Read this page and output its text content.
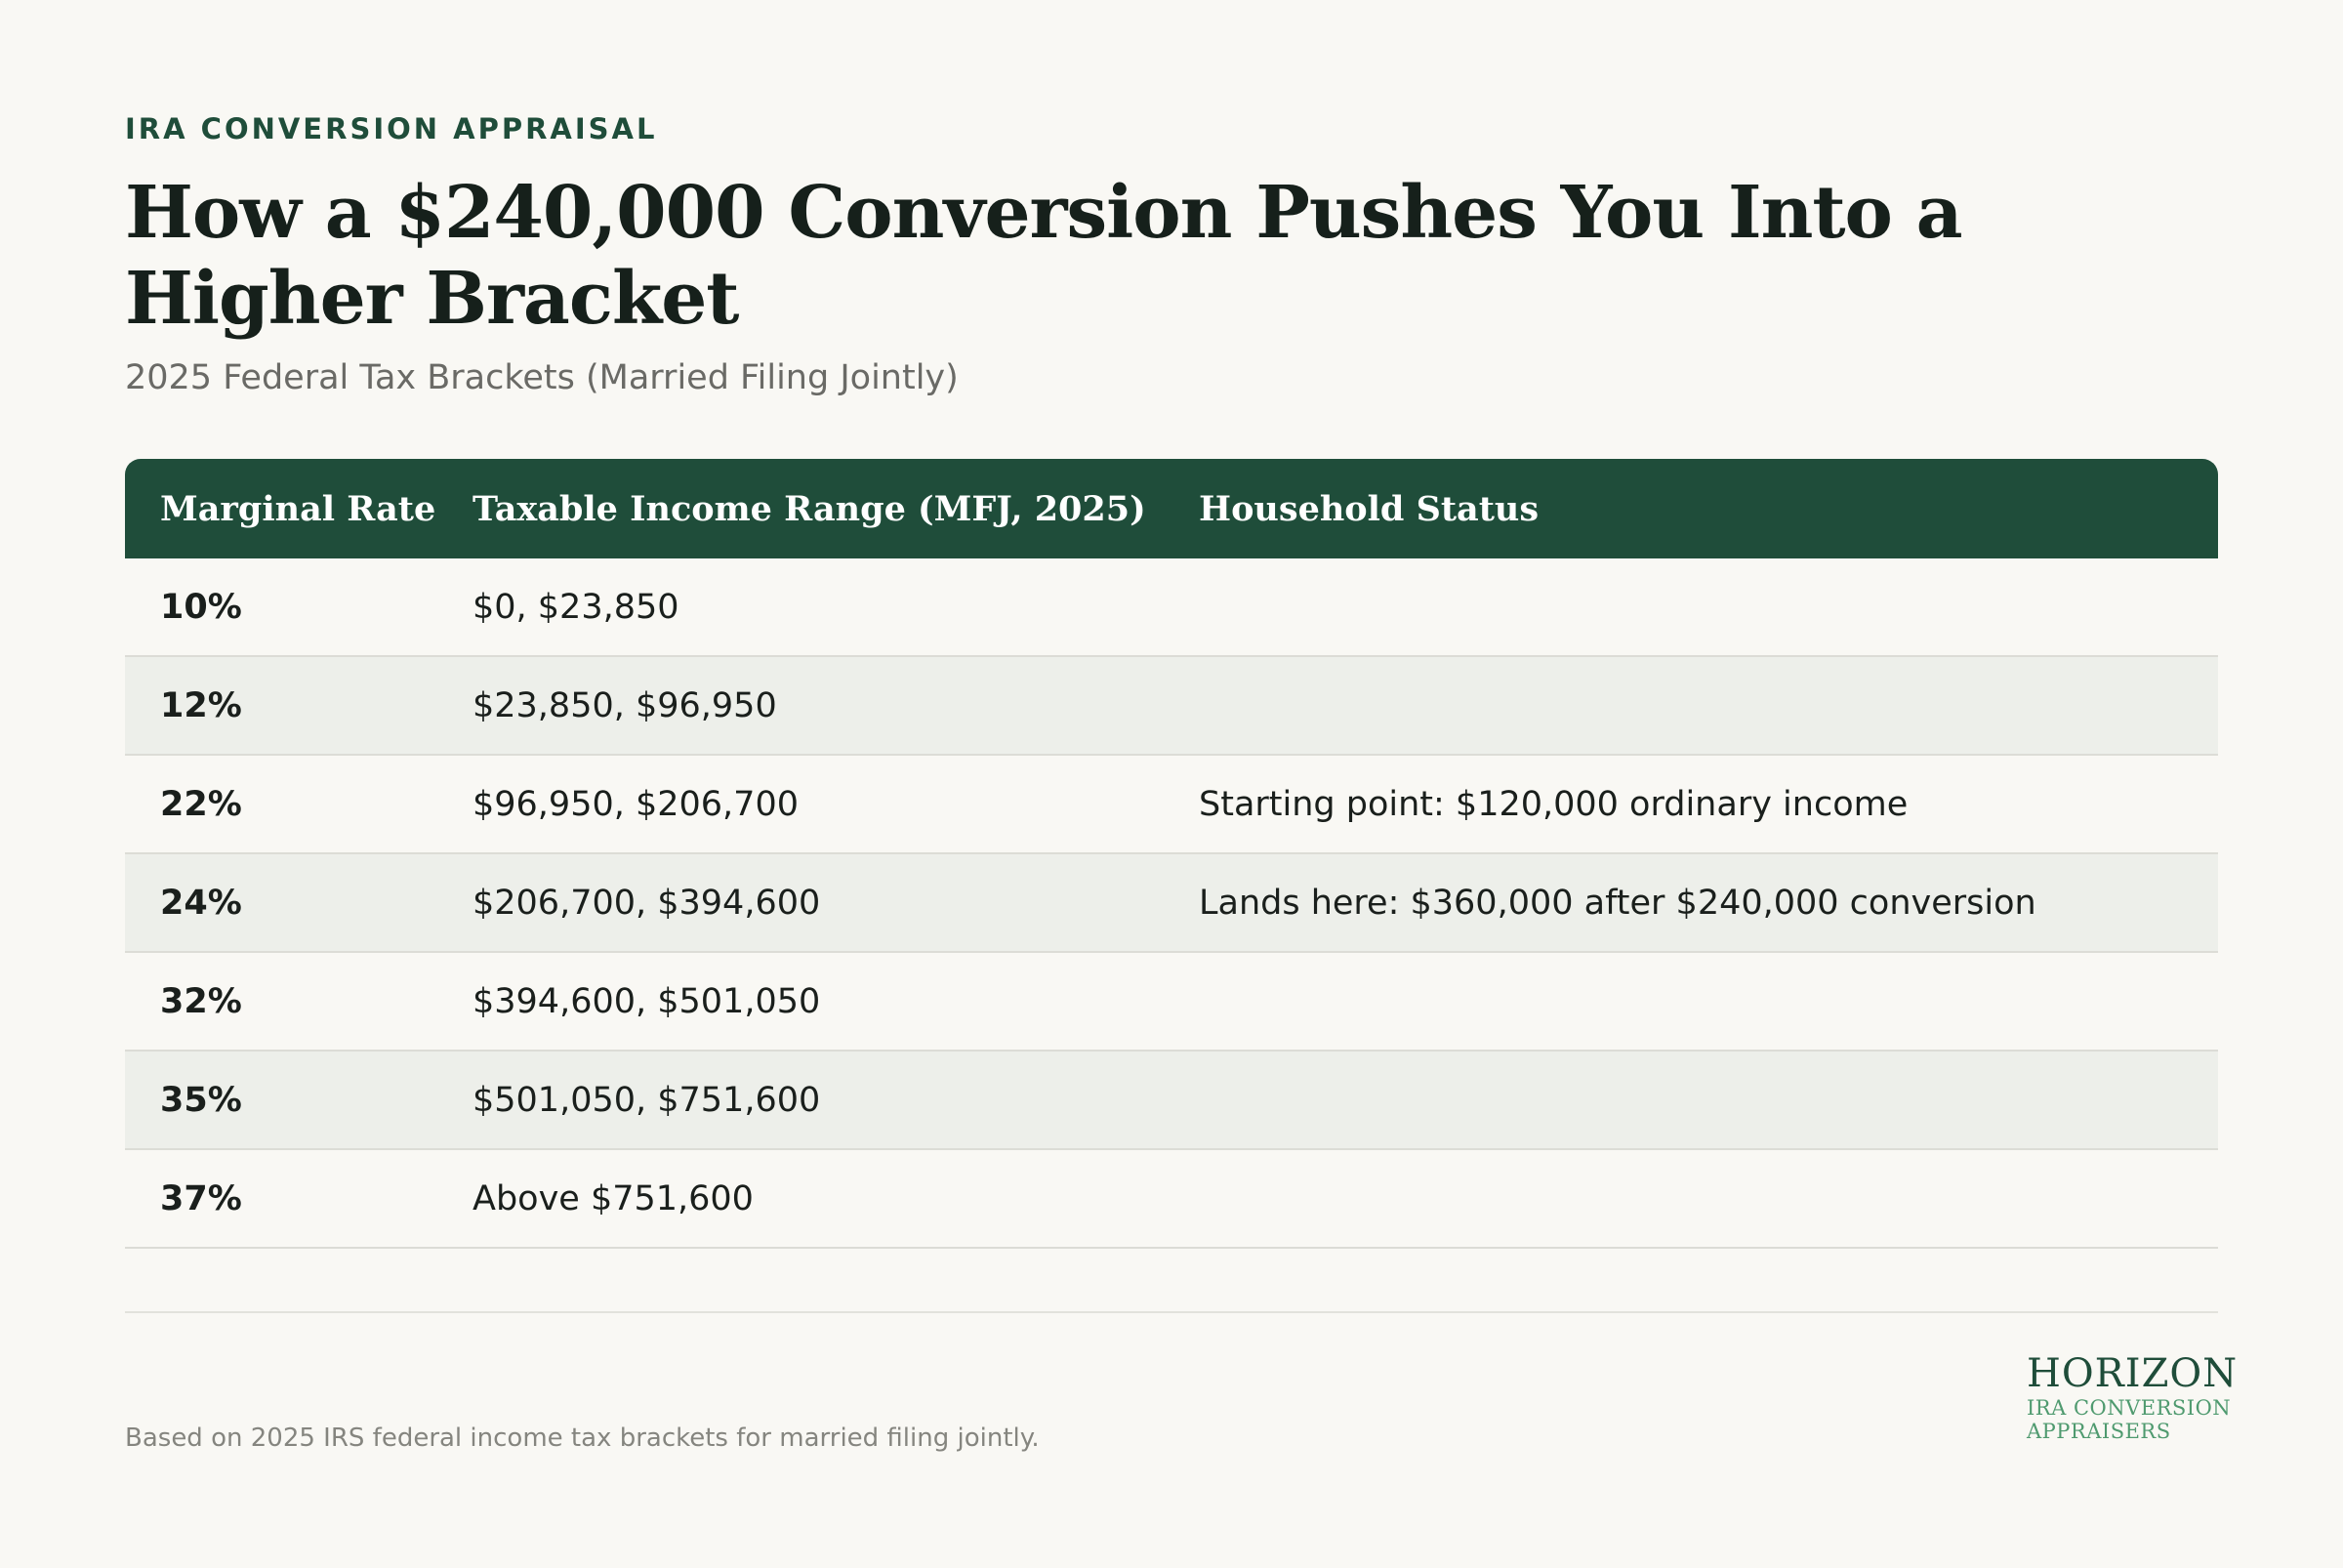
IRA CONVERSION APPRAISAL

How a $240,000 Conversion Pushes You Into a Higher Bracket

2025 Federal Tax Brackets (Married Filing Jointly)

Marginal Rate	Taxable Income Range (MFJ, 2025)	Household Status
10%	$0, $23,850
12%	$23,850, $96,950
22%	$96,950, $206,700	Starting point: $120,000 ordinary income
24%	$206,700, $394,600	Lands here: $360,000 after $240,000 conversion
32%	$394,600, $501,050
35%	$501,050, $751,600
37%	Above $751,600
Based on 2025 IRS federal income tax brackets for married filing jointly.
HORIZON
IRA CONVERSION
APPRAISERS
